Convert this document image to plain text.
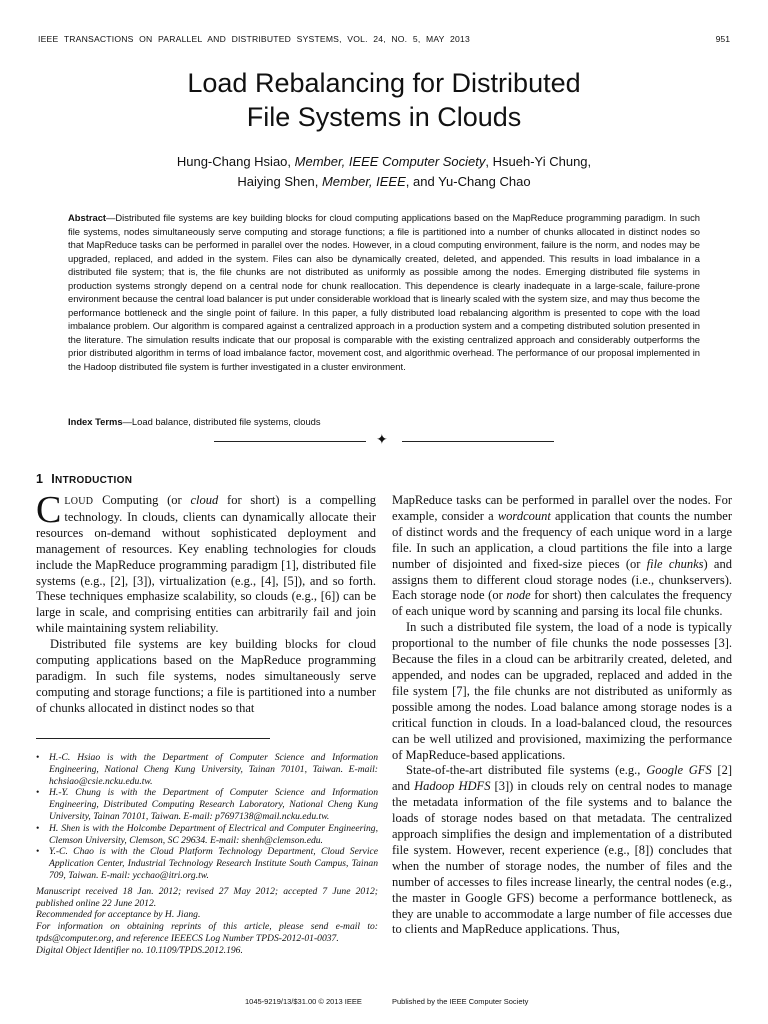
IEEE TRANSACTIONS ON PARALLEL AND DISTRIBUTED SYSTEMS, VOL. 24, NO. 5, MAY 2013	951
Load Rebalancing for Distributed
File Systems in Clouds
Hung-Chang Hsiao, Member, IEEE Computer Society, Hsueh-Yi Chung,
Haiying Shen, Member, IEEE, and Yu-Chang Chao
Abstract—Distributed file systems are key building blocks for cloud computing applications based on the MapReduce programming paradigm. In such file systems, nodes simultaneously serve computing and storage functions; a file is partitioned into a number of chunks allocated in distinct nodes so that MapReduce tasks can be performed in parallel over the nodes. However, in a cloud computing environment, failure is the norm, and nodes may be upgraded, replaced, and added in the system. Files can also be dynamically created, deleted, and appended. This results in load imbalance in a distributed file system; that is, the file chunks are not distributed as uniformly as possible among the nodes. Emerging distributed file systems in production systems strongly depend on a central node for chunk reallocation. This dependence is clearly inadequate in a large-scale, failure-prone environment because the central load balancer is put under considerable workload that is linearly scaled with the system size, and may thus become the performance bottleneck and the single point of failure. In this paper, a fully distributed load rebalancing algorithm is presented to cope with the load imbalance problem. Our algorithm is compared against a centralized approach in a production system and a competing distributed solution presented in the literature. The simulation results indicate that our proposal is comparable with the existing centralized approach and considerably outperforms the prior distributed algorithm in terms of load imbalance factor, movement cost, and algorithmic overhead. The performance of our proposal implemented in the Hadoop distributed file system is further investigated in a cluster environment.
Index Terms—Load balance, distributed file systems, clouds
✦
1 INTRODUCTION

CLOUD Computing (or cloud for short) is a compelling technology. In clouds, clients can dynamically allocate their resources on-demand without sophisticated deployment and management of resources. Key enabling technologies for clouds include the MapReduce programming paradigm [1], distributed file systems (e.g., [2], [3]), virtualization (e.g., [4], [5]), and so forth. These techniques emphasize scalability, so clouds (e.g., [6]) can be large in scale, and comprising entities can arbitrarily fail and join while maintaining system reliability.

Distributed file systems are key building blocks for cloud computing applications based on the MapReduce programming paradigm. In such file systems, nodes simultaneously serve computing and storage functions; a file is partitioned into a number of chunks allocated in distinct nodes so that

• H.-C. Hsiao is with the Department of Computer Science and Information Engineering, National Cheng Kung University, Tainan 70101, Taiwan. E-mail: hchsiao@csie.ncku.edu.tw.
• H.-Y. Chung is with the Department of Computer Science and Information Engineering, Distributed Computing Research Laboratory, National Cheng Kung University, Tainan 70101, Taiwan. E-mail: p7697138@mail.ncku.edu.tw.
• H. Shen is with the Holcombe Department of Electrical and Computer Engineering, Clemson University, Clemson, SC 29634. E-mail: shenh@clemson.edu.
• Y.-C. Chao is with the Cloud Platform Technology Department, Cloud Service Application Center, Industrial Technology Research Institute South Campus, Tainan 709, Taiwan. E-mail: ycchao@itri.org.tw.
Manuscript received 18 Jan. 2012; revised 27 May 2012; accepted 7 June 2012; published online 22 June 2012.
Recommended for acceptance by H. Jiang.
For information on obtaining reprints of this article, please send e-mail to: tpds@computer.org, and reference IEEECS Log Number TPDS-2012-01-0037.
Digital Object Identifier no. 10.1109/TPDS.2012.196.

MapReduce tasks can be performed in parallel over the nodes. For example, consider a wordcount application that counts the number of distinct words and the frequency of each unique word in a large file. In such an application, a cloud partitions the file into a large number of disjointed and fixed-size pieces (or file chunks) and assigns them to different cloud storage nodes (i.e., chunkservers). Each storage node (or node for short) then calculates the frequency of each unique word by scanning and parsing its local file chunks.

In such a distributed file system, the load of a node is typically proportional to the number of file chunks the node possesses [3]. Because the files in a cloud can be arbitrarily created, deleted, and appended, and nodes can be upgraded, replaced and added in the file system [7], the file chunks are not distributed as uniformly as possible among the nodes. Load balance among storage nodes is a critical function in clouds. In a load-balanced cloud, the resources can be well utilized and provisioned, maximizing the performance of MapReduce-based applications.

State-of-the-art distributed file systems (e.g., Google GFS [2] and Hadoop HDFS [3]) in clouds rely on central nodes to manage the metadata information of the file systems and to balance the loads of storage nodes based on that metadata. The centralized approach simplifies the design and implementation of a distributed file system. However, recent experience (e.g., [8]) concludes that when the number of storage nodes, the number of files and the number of accesses to files increase linearly, the central nodes (e.g., the master in Google GFS) become a performance bottleneck, as they are unable to accommodate a large number of file accesses due to clients and MapReduce applications. Thus,

1045-9219/13/$31.00 © 2013 IEEE	Published by the IEEE Computer Society
